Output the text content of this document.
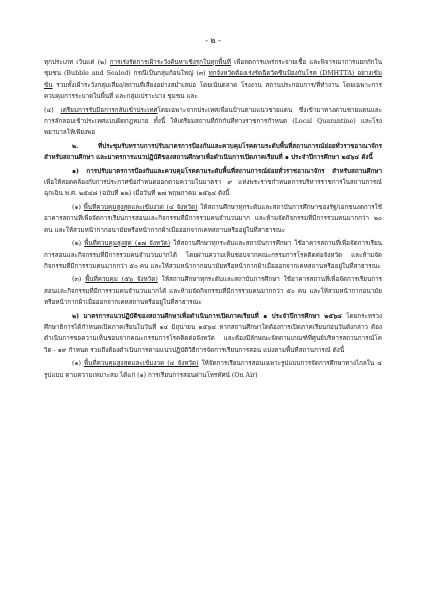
- ๒ -

ทุกประเภท เว้นแต่ (๒) การเร่งรัดการเฝ้าระวังค้นหาเชิงรุกในทุกพื้นที่ เพื่อลดการแพร่กระจายเชื้อ และพิจารณาการแยกกักในชุมชน (Bubble and Sealed) กรณีเป็นกลุ่มก้อนใหญ่ (๓) ทุกจังหวัดต้องเร่งรัดฉีดวัคซีนป้องกันโรค (DMHTTA) อย่างเข้มข้น รวมทั้งเฝ้าระวังกลุ่มเสี่ยง/สถานที่เสี่ยงอย่างสม่ำเสมอ โดยเน้นตลาด โรงงาน สถานประกอบการ/ที่ทำงาน โดยเฉพาะการควบคุมการระบาดในพื้นที่ และกลุ่มเปราะบาง ชุมชน และ

(๔) เตรียมการรับมือการกลับเข้าประเทศโดยเฉพาะจากประเทศเพื่อนบ้านตามแนวชายแดน ซึ่งเข้ามาทางด่านชายแดนและการลักลอบเข้าประเทศแบบผิดกฎหมาย ทั้งนี้ ให้เตรียมสถานที่กักกันที่ทางราชการกำหนด (Local Quarantine) และโรงพยาบาลให้เพียงพอ

๒. ที่ประชุมรับทราบการปรับมาตรการป้องกันและควบคุมโรคตามระดับพื้นที่สถานการณ์ย่อยทั่วราชอาณาจักร สำหรับสถานศึกษา และมาตรการแนวปฏิบัติของสถานศึกษาเพื่อดำเนินการเปิดภาคเรียนที่ ๑ ประจำปีการศึกษา ๒๕๖๔ ดังนี้

๑) การปรับมาตรการป้องกันและควบคุมโรคตามระดับพื้นที่สถานการณ์ย่อยทั่วราชอาณาจักร สำหรับสถานศึกษา เพื่อให้สอดคล้องกับการประกาศข้อกำหนดออกตามความในมาตรา ๙ แห่งพระราชกำหนดการบริหารราชการในสถานการณ์ฉุกเฉิน พ.ศ. ๒๕๔๘ (ฉบับที่ ๒๒) เมื่อวันที่ ๒๗ พฤษภาคม ๒๕๖๔ ดังนี้

(๑) พื้นที่ควบคุมสูงสุดและเข้มงวด (๔ จังหวัด) ให้สถานศึกษาทุกระดับและสถาบันการศึกษาของรัฐ/เอกชนงดการใช้อาคารสถานที่เพื่อจัดการเรียนการสอนและกิจกรรมที่มีการรวมคนจำนวนมาก และห้ามจัดกิจกรรมที่มีการรวมคนมากกว่า ๒๐ คน และให้สวมหน้ากากอนามัยหรือหน้ากากผ้าเมื่อออกจากเคหสถานหรืออยู่ในที่สาธารณะ

(๒) พื้นที่ควบคุมสูงสุด (๑๗ จังหวัด) ให้สถานศึกษาทุกระดับและสถาบันการศึกษา ใช้อาคารสถานที่เพื่อจัดการเรียนการสอนและกิจกรรมที่มีการรวมคนจำนวนมากได้ โดยผ่านความเห็นชอบจากคณะกรรมการโรคติดต่อจังหวัด และห้ามจัดกิจกรรมที่มีการรวมคนมากกว่า ๕๐ คน และให้สวมหน้ากากอนามัยหรือหน้ากากผ้าเมื่อออกจากเคหสถานหรืออยู่ในที่สาธารณะ

(๓) พื้นที่ควบคุม (๕๖ จังหวัด) ให้สถานศึกษาทุกระดับและสถาบันการศึกษา ใช้อาคารสถานที่เพื่อจัดการเรียนการสอนและกิจกรรมที่มีการรวมคนจำนวนมากได้ และห้ามจัดกิจกรรมที่มีการรวมคนมากกว่า ๕๐ คน และให้สวมหน้ากากอนามัยหรือหน้ากากผ้าเมื่อออกจากเคหสถานหรืออยู่ในที่สาธารณะ

๒) มาตรการแนวปฏิบัติของสถานศึกษาเพื่อดำเนินการเปิดภาคเรียนที่ ๑ ประจำปีการศึกษา ๒๕๖๔ โดยกระทรวงศึกษาธิการได้กำหนดเปิดภาคเรียนในวันที่ ๑๔ มิถุนายน ๒๕๖๔ หากสถานศึกษาใดต้องการเปิดภาคเรียนก่อนวันดังกล่าว ต้องดำเนินการขอความเห็นชอบจากคณะกรรมการโรคติดต่อจังหวัด และต้องมีลักษณะจัดตามเกณฑ์ที่ศูนย์บริหารสถานการณ์โควิด - ๑๙ กำหนด รวมถึงต้องดำเนินการตามแนวปฏิบัติวิธีการจัดการเรียนการสอน แบ่งตามพื้นที่สถานการณ์ ดังนี้

(๑) พื้นที่ควบคุมสูงสุดและเข้มงวด (๔ จังหวัด) ให้จัดการเรียนการสอนเฉพาะรูปแบบการจัดการศึกษาทางไกลใน ๔ รูปแบบ ตามความเหมาะสม ได้แก่ (๑) การเรียนการสอนผ่านโทรทัศน์ (On Air)
